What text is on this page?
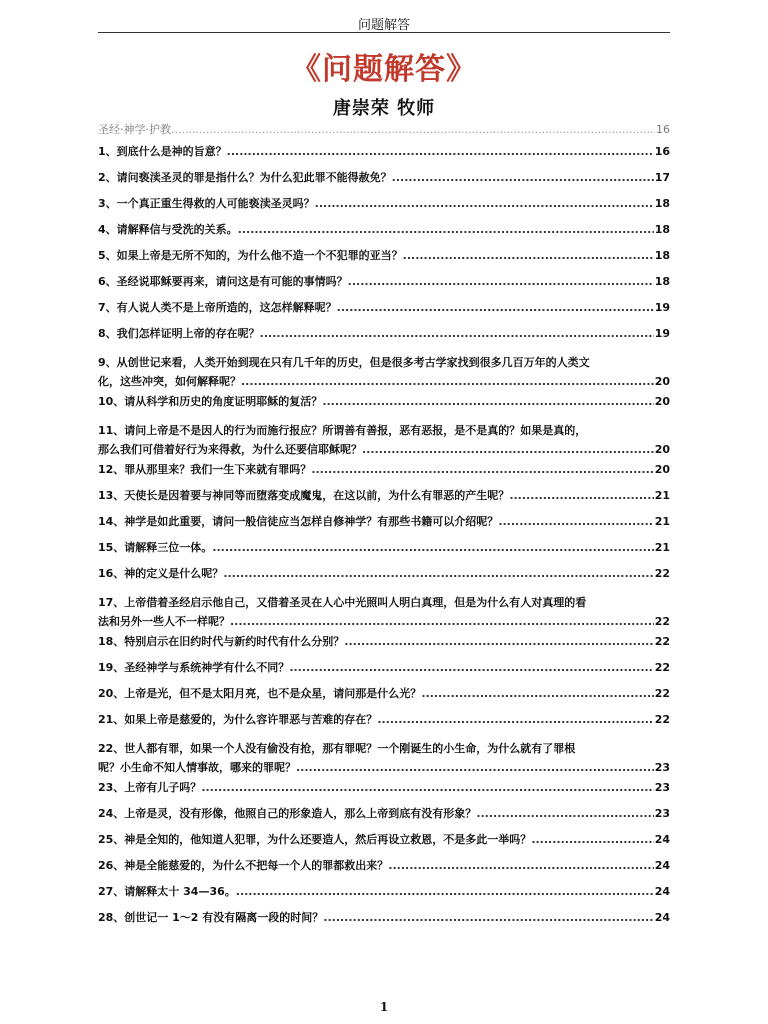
问题解答
《问题解答》
唐崇荣 牧师
圣经·神学·护教 .....	16
1、到底什么是神的旨意？ .....	16
2、请问亵渎圣灵的罪是指什么？为什么犯此罪不能得赦免？ .....	17
3、一个真正重生得救的人可能亵渎圣灵吗？ .....	18
4、请解释信与受洗的关系。 .....	18
5、如果上帝是无所不知的，为什么他不造一个不犯罪的亚当？ .....	18
6、圣经说耶稣要再来，请问这是有可能的事情吗？ .....	18
7、有人说人类不是上帝所造的，这怎样解释呢？ .....	19
8、我们怎样证明上帝的存在呢？ .....	19
9、从创世记来看，人类开始到现在只有几千年的历史，但是很多考古学家找到很多几百万年的人类文
化，这些冲突，如何解释呢？ .....	20
10、请从科学和历史的角度证明耶稣的复活？ .....	20
11、请问上帝是不是因人的行为而施行报应？所谓善有善报，恶有恶报，是不是真的？如果是真的，
那么我们可借着好行为来得救，为什么还要信耶稣呢？ .....	20
12、罪从那里来？我们一生下来就有罪吗？ .....	20
13、天使长是因着要与神同等而堕落变成魔鬼，在这以前，为什么有罪恶的产生呢？ .....	21
14、神学是如此重要，请问一般信徒应当怎样自修神学？有那些书籍可以介绍呢？ .....	21
15、请解释三位一体。 .....	21
16、神的定义是什么呢？ .....	22
17、上帝借着圣经启示他自己，又借着圣灵在人心中光照叫人明白真理，但是为什么有人对真理的看
法和另外一些人不一样呢？ .....	22
18、特别启示在旧约时代与新约时代有什么分别？ .....	22
19、圣经神学与系统神学有什么不同？ .....	22
20、上帝是光，但不是太阳月亮，也不是众星，请问那是什么光？ .....	22
21、如果上帝是慈爱的，为什么容许罪恶与苦难的存在？ .....	22
22、世人都有罪，如果一个人没有偷没有抢，那有罪呢？一个刚诞生的小生命，为什么就有了罪根
呢？小生命不知人情事故，哪来的罪呢？ .....	23
23、上帝有儿子吗？ .....	23
24、上帝是灵，没有形像，他照自己的形象造人，那么上帝到底有没有形象？ .....	23
25、神是全知的，他知道人犯罪，为什么还要造人，然后再设立救恩，不是多此一举吗？ .....	24
26、神是全能慈爱的，为什么不把每一个人的罪都救出来？ .....	24
27、请解释太十 34—36。 .....	24
28、创世记一 1～2 有没有隔离一段的时间？ .....	24
1
